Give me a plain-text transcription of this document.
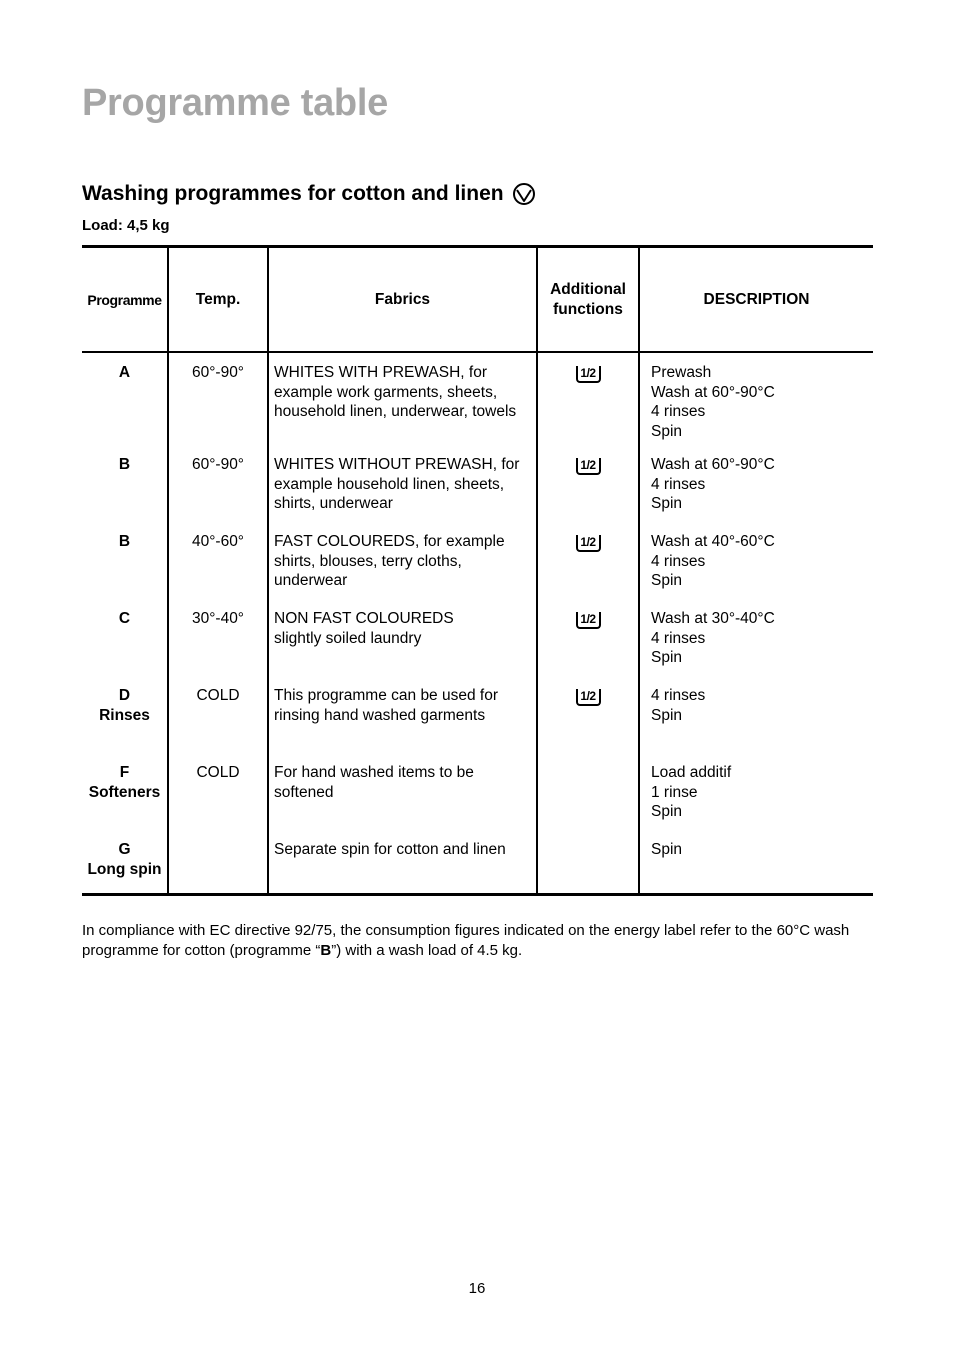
Programme table
Washing programmes for cotton and linen
Load: 4,5 kg
Programme	Temp.	Fabrics	Additional
functions	DESCRIPTION
A	60°-90°	WHITES WITH PREWASH, for
example work garments, sheets,
household linen, underwear, towels	1/2	Prewash
Wash at 60°-90°C
4 rinses
Spin
B	60°-90°	WHITES WITHOUT PREWASH, for
example household linen, sheets,
shirts, underwear	1/2	Wash at 60°-90°C
4 rinses
Spin
B	40°-60°	FAST COLOUREDS, for example
shirts, blouses, terry cloths,
underwear	1/2	Wash at 40°-60°C
4 rinses
Spin
C	30°-40°	NON FAST COLOUREDS
slightly soiled laundry	1/2	Wash at 30°-40°C
4 rinses
Spin
D
Rinses	COLD	This programme can be used for
rinsing hand washed garments	1/2	4 rinses
Spin
F
Softeners	COLD	For hand washed items to be
softened		Load additif
1 rinse
Spin
G
Long spin		Separate spin for cotton and linen		Spin

In compliance with EC directive 92/75, the consumption figures indicated on the energy label refer to the 60°C wash programme for cotton (programme “B”) with a wash load of 4.5 kg.

16
